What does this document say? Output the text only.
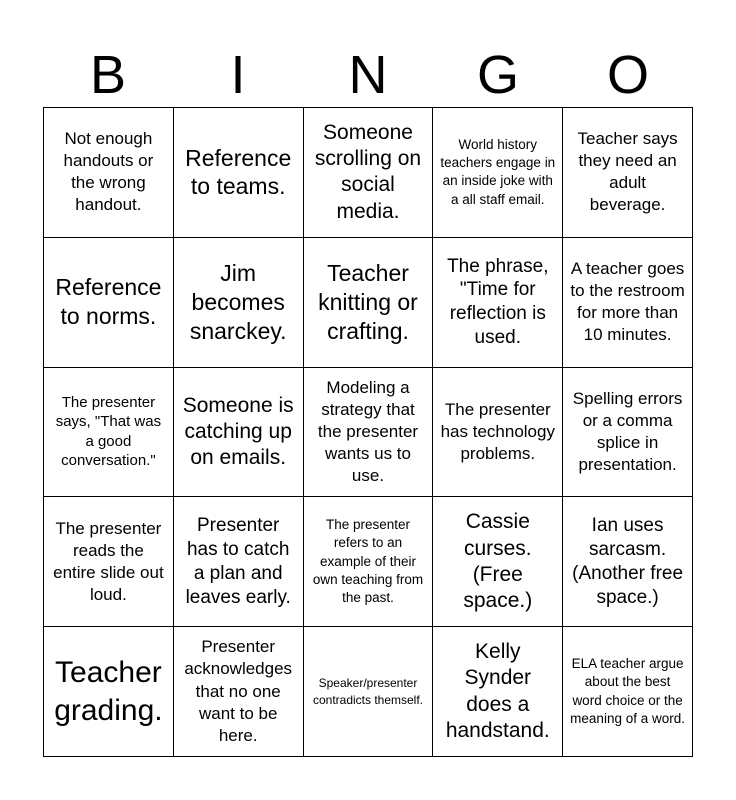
B	I	N	G	O
Not enough handouts or the wrong handout.
Reference to teams.
Someone scrolling on social media.
World history teachers engage in an inside joke with a all staff email.
Teacher says they need an adult beverage.
Reference to norms.
Jim becomes snarckey.
Teacher knitting or crafting.
The phrase, "Time for reflection is used.
A teacher goes to the restroom for more than 10 minutes.
The presenter says, "That was a good conversation."
Someone is catching up on emails.
Modeling a strategy that the presenter wants us to use.
The presenter has technology problems.
Spelling errors or a comma splice in presentation.
The presenter reads the entire slide out loud.
Presenter has to catch a plan and leaves early.
The presenter refers to an example of their own teaching from the past.
Cassie curses. (Free space.)
Ian uses sarcasm. (Another free space.)
Teacher grading.
Presenter acknowledges that no one want to be here.
Speaker/presenter contradicts themself.
Kelly Synder does a handstand.
ELA teacher argue about the best word choice or the meaning of a word.
